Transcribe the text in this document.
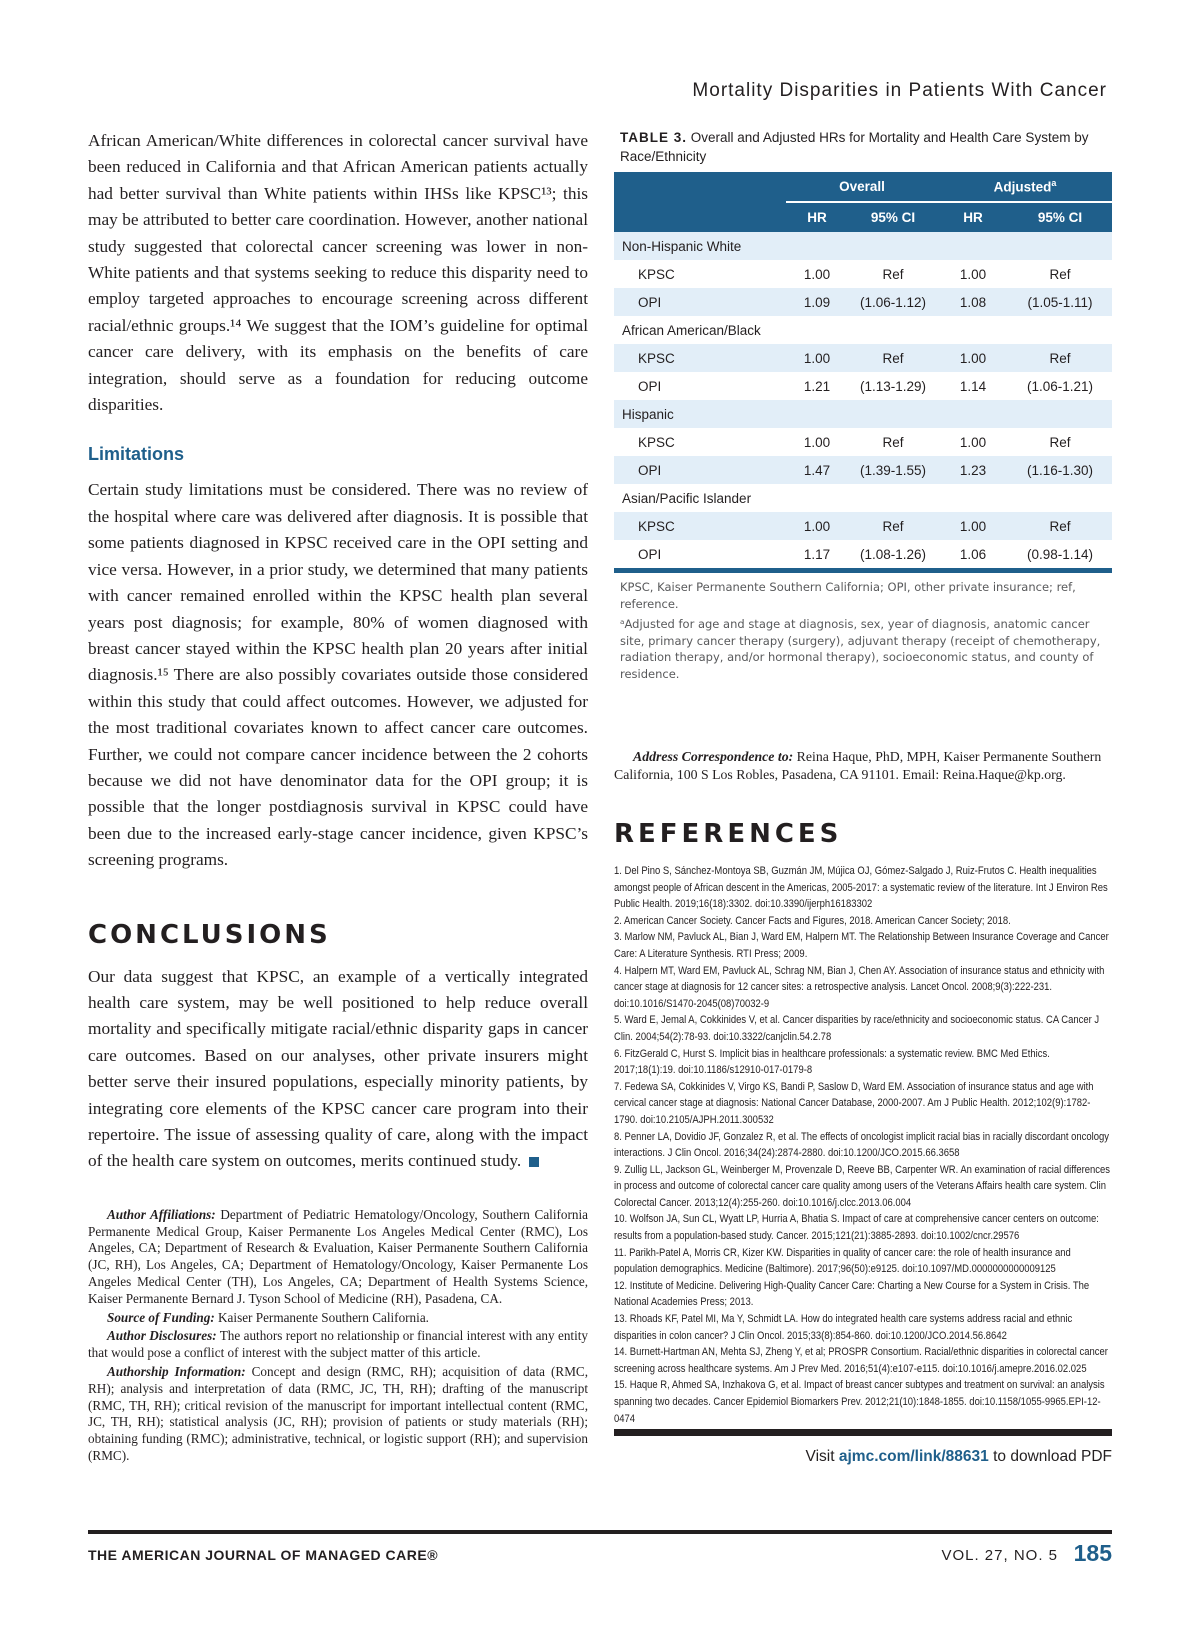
Mortality Disparities in Patients With Cancer

African American/White differences in colorectal cancer survival have been reduced in California and that African American patients actually had better survival than White patients within IHSs like KPSC¹³; this may be attributed to better care coordination. However, another national study suggested that colorectal cancer screening was lower in non-White patients and that systems seeking to reduce this disparity need to employ targeted approaches to encourage screening across different racial/ethnic groups.¹⁴ We suggest that the IOM’s guideline for optimal cancer care delivery, with its emphasis on the benefits of care integration, should serve as a foundation for reducing outcome disparities.

Limitations

Certain study limitations must be considered. There was no review of the hospital where care was delivered after diagnosis. It is possible that some patients diagnosed in KPSC received care in the OPI setting and vice versa. However, in a prior study, we determined that many patients with cancer remained enrolled within the KPSC health plan several years post diagnosis; for example, 80% of women diagnosed with breast cancer stayed within the KPSC health plan 20 years after initial diagnosis.¹⁵ There are also possibly covariates outside those considered within this study that could affect outcomes. However, we adjusted for the most traditional covariates known to affect cancer care outcomes. Further, we could not compare cancer incidence between the 2 cohorts because we did not have denominator data for the OPI group; it is possible that the longer postdiagnosis survival in KPSC could have been due to the increased early-stage cancer incidence, given KPSC’s screening programs.

CONCLUSIONS

Our data suggest that KPSC, an example of a vertically integrated health care system, may be well positioned to help reduce overall mortality and specifically mitigate racial/ethnic disparity gaps in cancer care outcomes. Based on our analyses, other private insurers might better serve their insured populations, especially minority patients, by integrating core elements of the KPSC cancer care program into their repertoire. The issue of assessing quality of care, along with the impact of the health care system on outcomes, merits continued study.

Author Affiliations: Department of Pediatric Hematology/Oncology, Southern California Permanente Medical Group, Kaiser Permanente Los Angeles Medical Center (RMC), Los Angeles, CA; Department of Research & Evaluation, Kaiser Permanente Southern California (JC, RH), Los Angeles, CA; Department of Hematology/Oncology, Kaiser Permanente Los Angeles Medical Center (TH), Los Angeles, CA; Department of Health Systems Science, Kaiser Permanente Bernard J. Tyson School of Medicine (RH), Pasadena, CA.

Source of Funding: Kaiser Permanente Southern California.

Author Disclosures: The authors report no relationship or financial interest with any entity that would pose a conflict of interest with the subject matter of this article.

Authorship Information: Concept and design (RMC, RH); acquisition of data (RMC, RH); analysis and interpretation of data (RMC, JC, TH, RH); drafting of the manuscript (RMC, TH, RH); critical revision of the manuscript for important intellectual content (RMC, JC, TH, RH); statistical analysis (JC, RH); provision of patients or study materials (RH); obtaining funding (RMC); administrative, technical, or logistic support (RH); and supervision (RMC).

TABLE 3. Overall and Adjusted HRs for Mortality and Health Care System by Race/Ethnicity

	Overall		Adjusted$^a$
	HR	95% CI	HR	95% CI
Non-Hispanic White				
KPSC	1.00	Ref	1.00	Ref
OPI	1.09	(1.06-1.12)	1.08	(1.05-1.11)
African American/Black				
KPSC	1.00	Ref	1.00	Ref
OPI	1.21	(1.13-1.29)	1.14	(1.06-1.21)
Hispanic				
KPSC	1.00	Ref	1.00	Ref
OPI	1.47	(1.39-1.55)	1.23	(1.16-1.30)
Asian/Pacific Islander				
KPSC	1.00	Ref	1.00	Ref
OPI	1.17	(1.08-1.26)	1.06	(0.98-1.14)
KPSC, Kaiser Permanente Southern California; OPI, other private insurance; ref, reference.
ᵃAdjusted for age and stage at diagnosis, sex, year of diagnosis, anatomic cancer site, primary cancer therapy (surgery), adjuvant therapy (receipt of chemotherapy, radiation therapy, and/or hormonal therapy), socioeconomic status, and county of residence.

Address Correspondence to: Reina Haque, PhD, MPH, Kaiser Permanente Southern California, 100 S Los Robles, Pasadena, CA 91101. Email: Reina.Haque@kp.org.

REFERENCES
1. Del Pino S, Sánchez-Montoya SB, Guzmán JM, Mújica OJ, Gómez-Salgado J, Ruiz-Frutos C. Health inequalities amongst people of African descent in the Americas, 2005-2017: a systematic review of the literature. Int J Environ Res Public Health. 2019;16(18):3302. doi:10.3390/ijerph16183302
2. American Cancer Society. Cancer Facts and Figures, 2018. American Cancer Society; 2018.
3. Marlow NM, Pavluck AL, Bian J, Ward EM, Halpern MT. The Relationship Between Insurance Coverage and Cancer Care: A Literature Synthesis. RTI Press; 2009.
4. Halpern MT, Ward EM, Pavluck AL, Schrag NM, Bian J, Chen AY. Association of insurance status and ethnicity with cancer stage at diagnosis for 12 cancer sites: a retrospective analysis. Lancet Oncol. 2008;9(3):222-231. doi:10.1016/S1470-2045(08)70032-9
5. Ward E, Jemal A, Cokkinides V, et al. Cancer disparities by race/ethnicity and socioeconomic status. CA Cancer J Clin. 2004;54(2):78-93. doi:10.3322/canjclin.54.2.78
6. FitzGerald C, Hurst S. Implicit bias in healthcare professionals: a systematic review. BMC Med Ethics. 2017;18(1):19. doi:10.1186/s12910-017-0179-8
7. Fedewa SA, Cokkinides V, Virgo KS, Bandi P, Saslow D, Ward EM. Association of insurance status and age with cervical cancer stage at diagnosis: National Cancer Database, 2000-2007. Am J Public Health. 2012;102(9):1782-1790. doi:10.2105/AJPH.2011.300532
8. Penner LA, Dovidio JF, Gonzalez R, et al. The effects of oncologist implicit racial bias in racially discordant oncology interactions. J Clin Oncol. 2016;34(24):2874-2880. doi:10.1200/JCO.2015.66.3658
9. Zullig LL, Jackson GL, Weinberger M, Provenzale D, Reeve BB, Carpenter WR. An examination of racial differences in process and outcome of colorectal cancer care quality among users of the Veterans Affairs health care system. Clin Colorectal Cancer. 2013;12(4):255-260. doi:10.1016/j.clcc.2013.06.004
10. Wolfson JA, Sun CL, Wyatt LP, Hurria A, Bhatia S. Impact of care at comprehensive cancer centers on outcome: results from a population-based study. Cancer. 2015;121(21):3885-2893. doi:10.1002/cncr.29576
11. Parikh-Patel A, Morris CR, Kizer KW. Disparities in quality of cancer care: the role of health insurance and population demographics. Medicine (Baltimore). 2017;96(50):e9125. doi:10.1097/MD.0000000000009125
12. Institute of Medicine. Delivering High-Quality Cancer Care: Charting a New Course for a System in Crisis. The National Academies Press; 2013.
13. Rhoads KF, Patel MI, Ma Y, Schmidt LA. How do integrated health care systems address racial and ethnic disparities in colon cancer? J Clin Oncol. 2015;33(8):854-860. doi:10.1200/JCO.2014.56.8642
14. Burnett-Hartman AN, Mehta SJ, Zheng Y, et al; PROSPR Consortium. Racial/ethnic disparities in colorectal cancer screening across healthcare systems. Am J Prev Med. 2016;51(4):e107-e115. doi:10.1016/j.amepre.2016.02.025
15. Haque R, Ahmed SA, Inzhakova G, et al. Impact of breast cancer subtypes and treatment on survival: an analysis spanning two decades. Cancer Epidemiol Biomarkers Prev. 2012;21(10):1848-1855. doi:10.1158/1055-9965.EPI-12-0474
Visit ajmc.com/link/88631 to download PDF
THE AMERICAN JOURNAL OF MANAGED CARE®	VOL. 27, NO. 5 185
